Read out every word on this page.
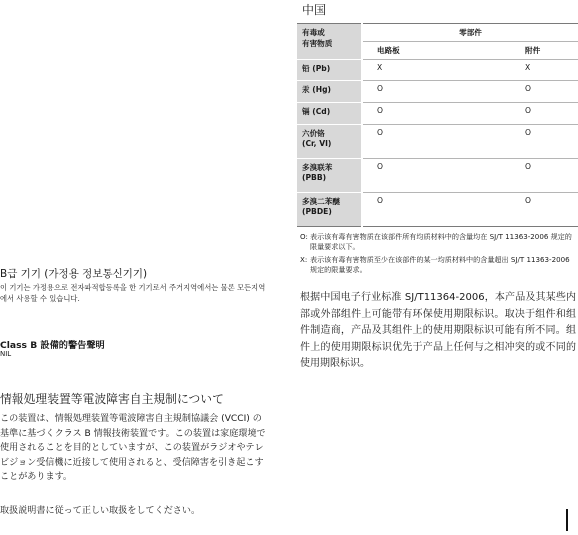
B급 기기 (가정용 정보통신기기)
이 기기는 가정용으로 전자파적합등록을 한 기기로서 주거지역에서는 물론 모든지역에서 사용할 수 있습니다.
Class B 設備的警告聲明
NIL
情報処理装置等電波障害自主規制について
この装置は、情報処理装置等電波障害自主規制協議会 (VCCI) の基準に基づくクラス B 情報技術装置です。この装置は家庭環境で使用されることを目的としていますが、この装置がラジオやテレビジョン受信機に近接して使用されると、受信障害を引き起こすことがあります。
取扱説明書に従って正しい取扱をしてください。
中国
有毒或
有害物质	零部件	
	电路板	附件
铅 (Pb)	X	X
汞 (Hg)	O	O
镉 (Cd)	O	O
六价铬
(Cr, VI)	O	O
多溴联苯
(PBB)	O	O
多溴二苯醚
(PBDE)	O	O
O: 表示该有毒有害物质在该部件所有均质材料中的含量均在 SJ/T 11363-2006 规定的限量要求以下。
X: 表示该有毒有害物质至少在该部件的某一均质材料中的含量超出 SJ/T 11363-2006 规定的限量要求。
根据中国电子行业标准 SJ/T11364-2006，本产品及其某些内部或外部组件上可能带有环保使用期限标识。取决于组件和组件制造商，产品及其组件上的使用期限标识可能有所不同。组件上的使用期限标识优先于产品上任何与之相冲突的或不同的使用期限标识。
